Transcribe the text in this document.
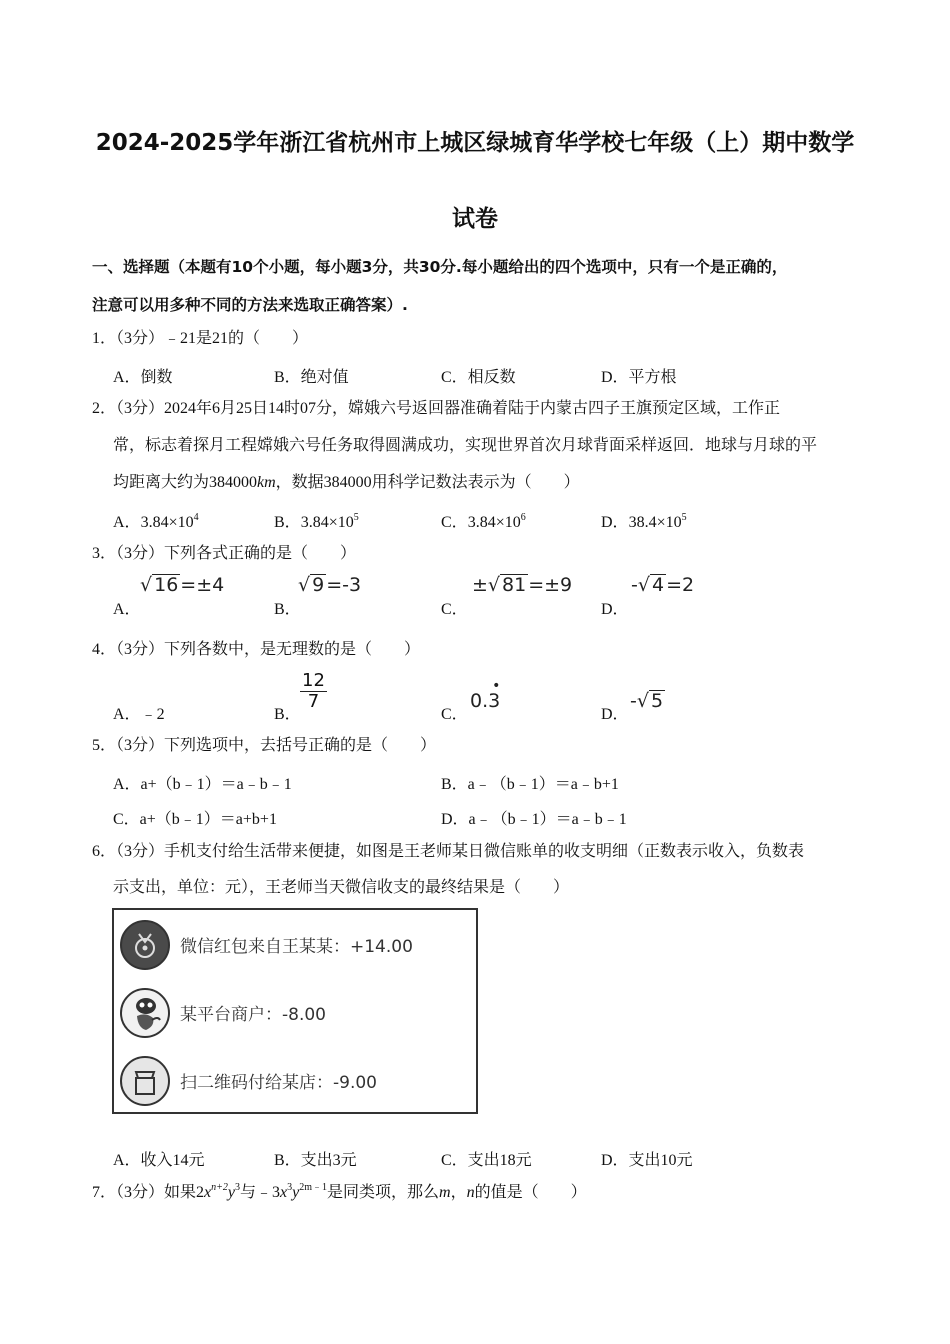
2024-2025学年浙江省杭州市上城区绿城育华学校七年级（上）期中数学
试卷
一、选择题（本题有10个小题，每小题3分，共30分.每小题给出的四个选项中，只有一个是正确的，
注意可以用多种不同的方法来选取正确答案）.
1．（3分）﹣21是21的（　　）
A．倒数	B．绝对值	C．相反数	D．平方根
2．（3分）2024年6月25日14时07分，嫦娥六号返回器准确着陆于内蒙古四子王旗预定区域，工作正
常，标志着探月工程嫦娥六号任务取得圆满成功，实现世界首次月球背面采样返回．地球与月球的平
均距离大约为384000km，数据384000用科学记数法表示为（　　）
A．$3.84\times 10^4$	B．$3.84\times 10^5$	C．$3.84\times 10^6$	D．$38.4\times 10^5$
3．（3分）下列各式正确的是（　　）
A．
√ 16 =±4
B．
√ 9 =-3
C．
±√ 81 =±9
D．
-√ 4 =2
4．（3分）下列各数中，是无理数的是（　　）
A．﹣2	B．
$\frac{12}{7}$
C．
0.
•
3
D．
-√ 5
5．（3分）下列选项中，去括号正确的是（　　）
A．a+（b﹣1）＝a﹣b﹣1	B．a﹣（b﹣1）＝a﹣b+1
C．a+（b﹣1）＝a+b+1	D．a﹣（b﹣1）＝a﹣b﹣1
6．（3分）手机支付给生活带来便捷，如图是王老师某日微信账单的收支明细（正数表示收入，负数表
示支出，单位：元），王老师当天微信收支的最终结果是（　　）
微信红包来自王某某：+14.00
某平台商户：-8.00
扫二维码付给某店：-9.00
A．收入14元	B．支出3元	C．支出18元	D．支出10元
7．（3分）如果$2x^{n+2}y^3$与$﹣3x^3y^{2m﹣1}$是同类项，那么m，n的值是（　　）
